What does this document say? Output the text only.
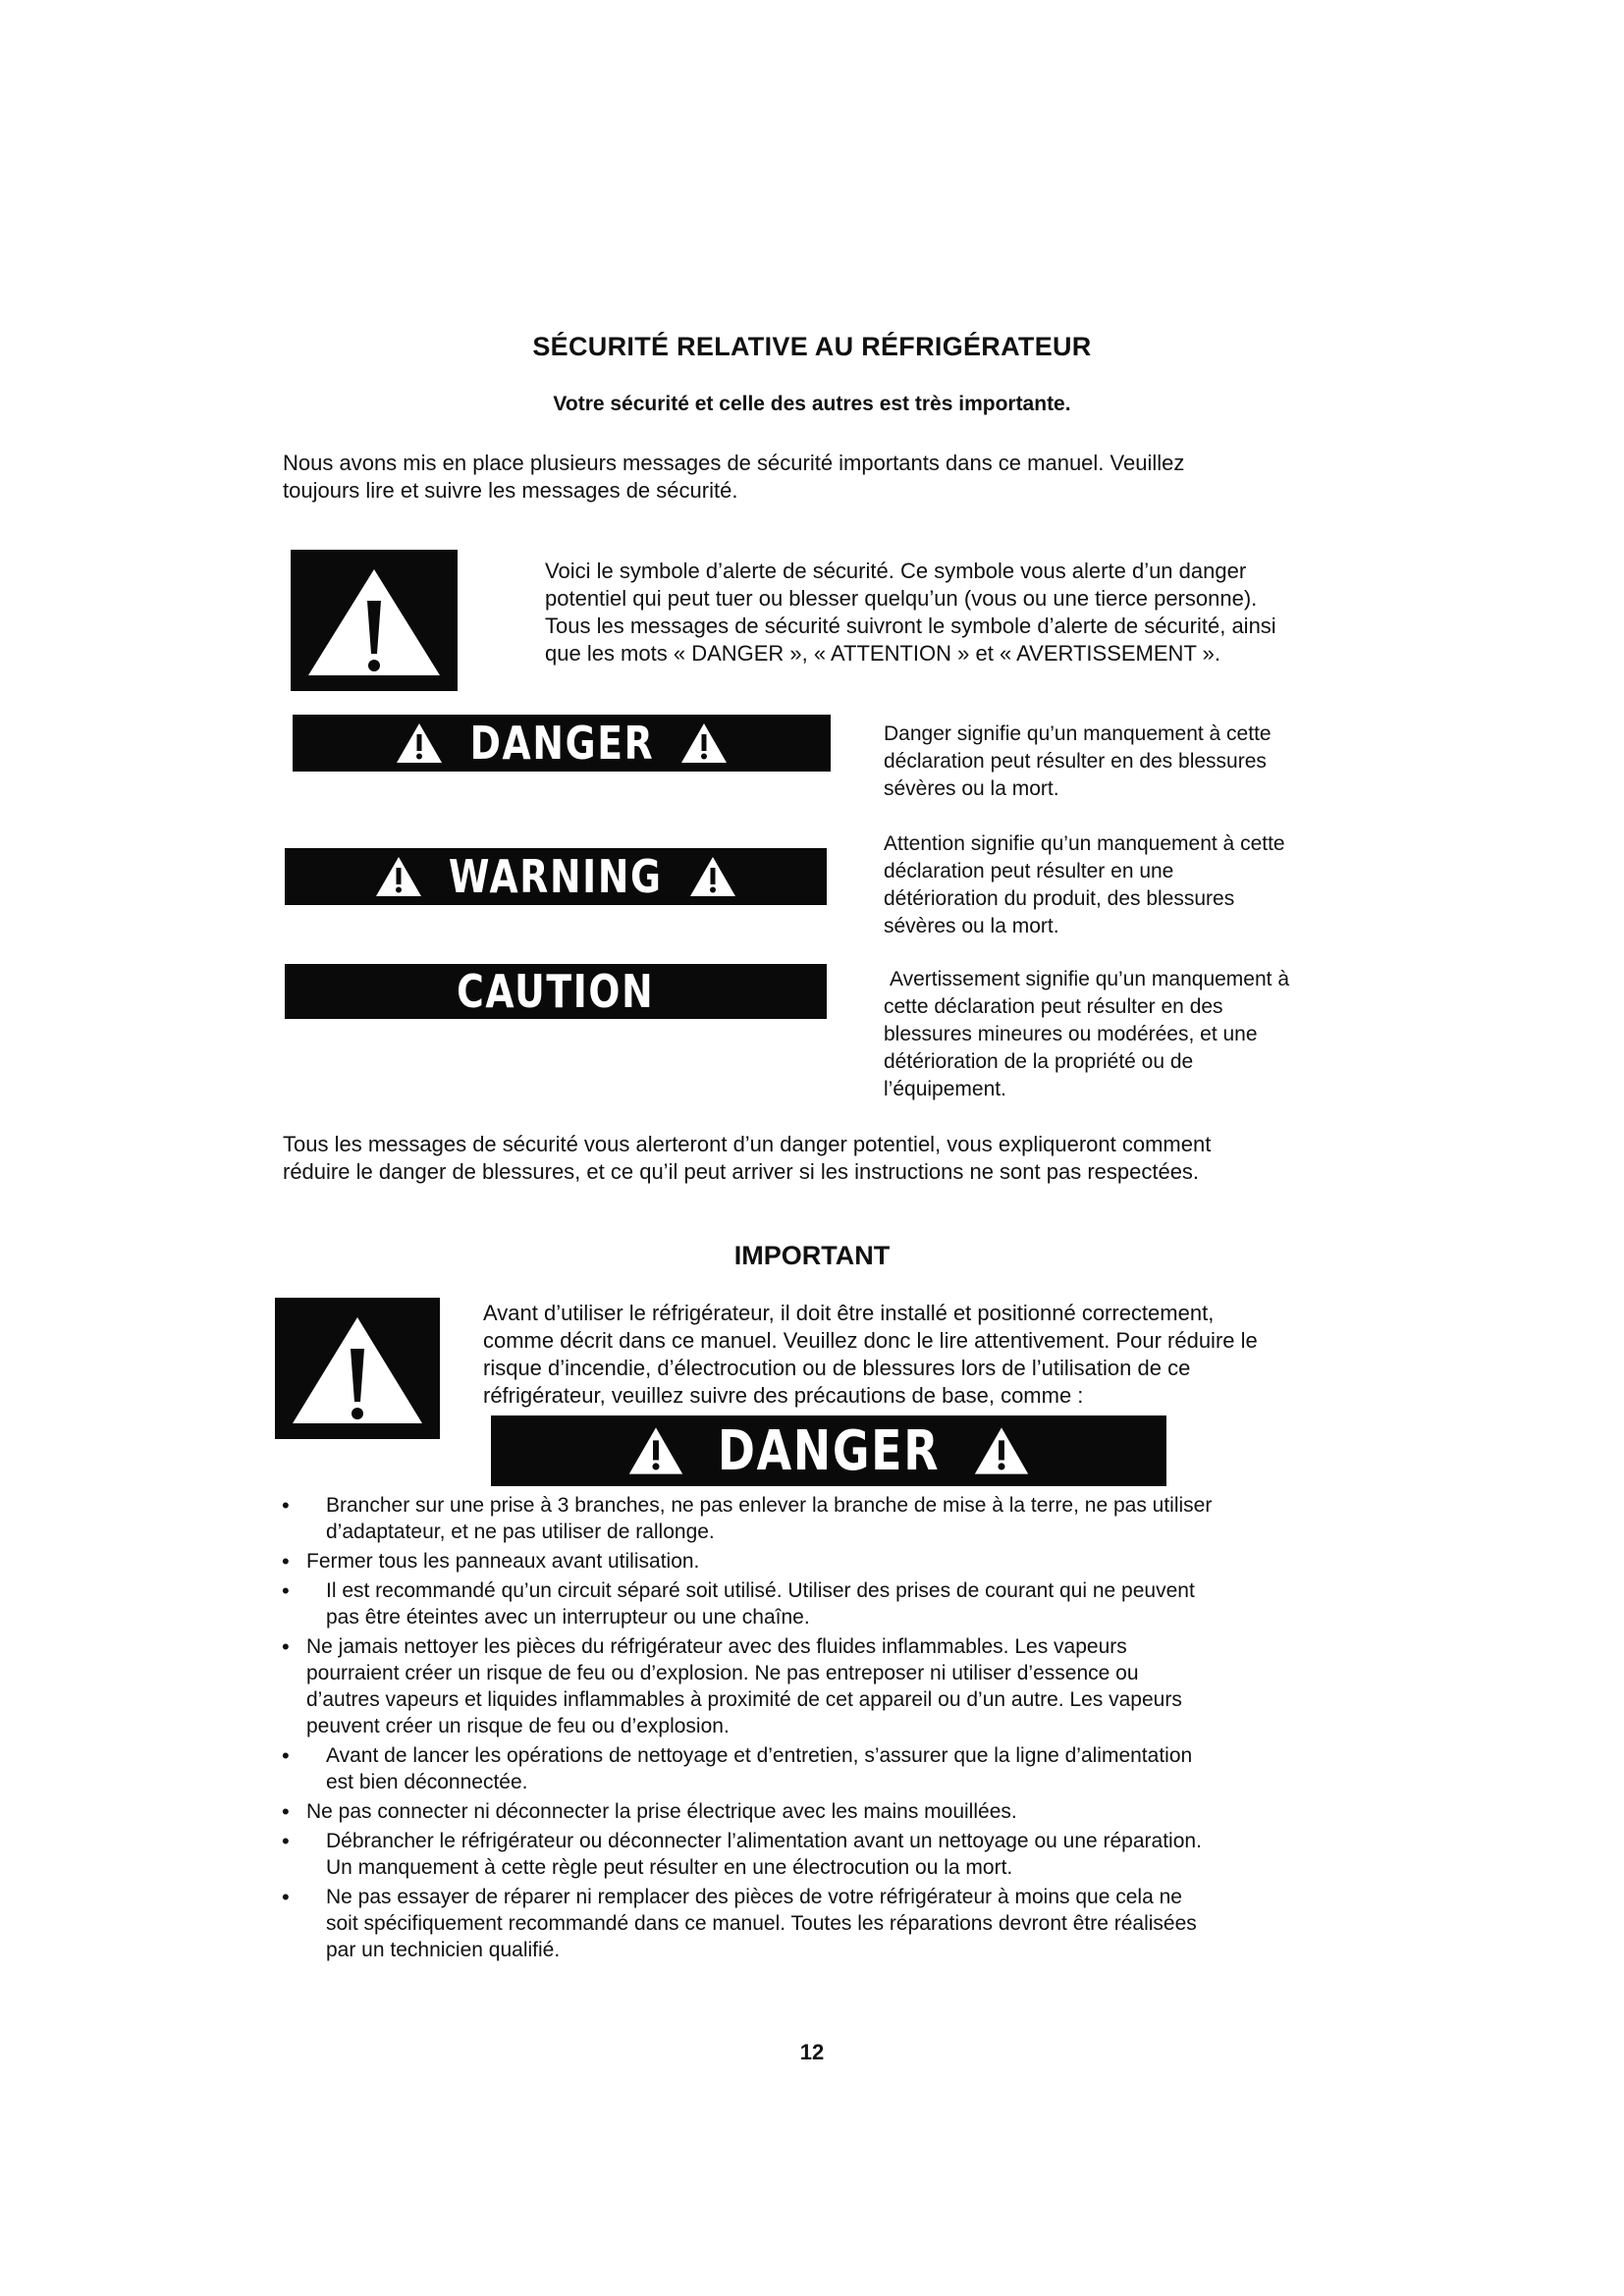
SÉCURITÉ RELATIVE AU RÉFRIGÉRATEUR
Votre sécurité et celle des autres est très importante.
Nous avons mis en place plusieurs messages de sécurité importants dans ce manuel. Veuillez
toujours lire et suivre les messages de sécurité.
Voici le symbole d’alerte de sécurité. Ce symbole vous alerte d’un danger
potentiel qui peut tuer ou blesser quelqu’un (vous ou une tierce personne).
Tous les messages de sécurité suivront le symbole d’alerte de sécurité, ainsi
que les mots « DANGER », « ATTENTION » et « AVERTISSEMENT ».
DANGER	Danger signifie qu’un manquement à cette
déclaration peut résulter en des blessures
sévères ou la mort.
WARNING
Attention signifie qu’un manquement à cette
déclaration peut résulter en une
détérioration du produit, des blessures
sévères ou la mort.
CAUTION	Avertissement signifie qu’un manquement à
cette déclaration peut résulter en des
blessures mineures ou modérées, et une
détérioration de la propriété ou de
l’équipement.
Tous les messages de sécurité vous alerteront d’un danger potentiel, vous expliqueront comment
réduire le danger de blessures, et ce qu’il peut arriver si les instructions ne sont pas respectées.
IMPORTANT
Avant d’utiliser le réfrigérateur, il doit être installé et positionné correctement,
comme décrit dans ce manuel. Veuillez donc le lire attentivement. Pour réduire le
risque d’incendie, d’électrocution ou de blessures lors de l’utilisation de ce
réfrigérateur, veuillez suivre des précautions de base, comme :
DANGER
• Brancher sur une prise à 3 branches, ne pas enlever la branche de mise à la terre, ne pas utiliser
d’adaptateur, et ne pas utiliser de rallonge.
• Fermer tous les panneaux avant utilisation.
• Il est recommandé qu’un circuit séparé soit utilisé. Utiliser des prises de courant qui ne peuvent
pas être éteintes avec un interrupteur ou une chaîne.
• Ne jamais nettoyer les pièces du réfrigérateur avec des fluides inflammables. Les vapeurs
pourraient créer un risque de feu ou d’explosion. Ne pas entreposer ni utiliser d’essence ou
d’autres vapeurs et liquides inflammables à proximité de cet appareil ou d’un autre. Les vapeurs
peuvent créer un risque de feu ou d’explosion.
• Avant de lancer les opérations de nettoyage et d’entretien, s’assurer que la ligne d’alimentation
est bien déconnectée.
• Ne pas connecter ni déconnecter la prise électrique avec les mains mouillées.
• Débrancher le réfrigérateur ou déconnecter l’alimentation avant un nettoyage ou une réparation.
Un manquement à cette règle peut résulter en une électrocution ou la mort.
• Ne pas essayer de réparer ni remplacer des pièces de votre réfrigérateur à moins que cela ne
soit spécifiquement recommandé dans ce manuel. Toutes les réparations devront être réalisées
par un technicien qualifié.
12
